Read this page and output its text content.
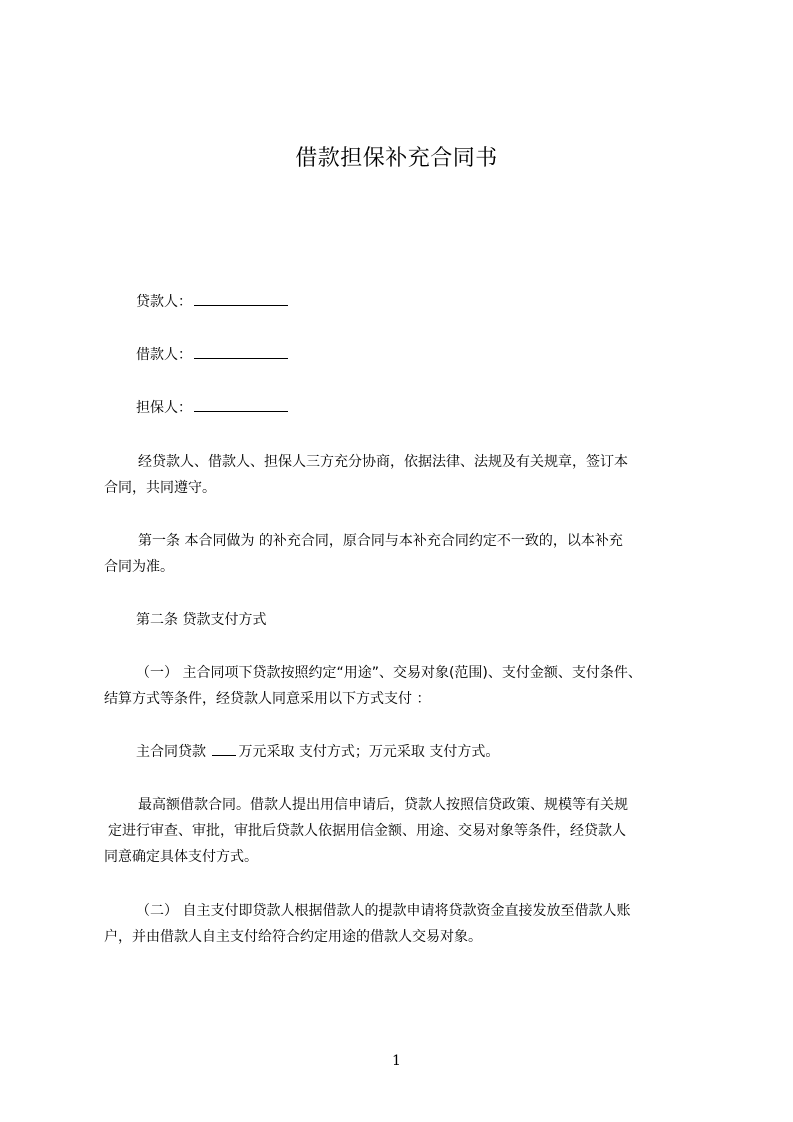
借款担保补充合同书
贷款人：
借款人：
担保人：
经贷款人、借款人、担保人三方充分协商，依据法律、法规及有关规章，签订本
合同，共同遵守。
第一条 本合同做为 的补充合同，原合同与本补充合同约定不一致的，以本补充
合同为准。
第二条 贷款支付方式
（一） 主合同项下贷款按照约定“用途”、交易对象(范围)、支付金额、支付条件、
结算方式等条件，经贷款人同意采用以下方式支付 ：
主合同贷款 万元采取 支付方式；万元采取 支付方式。
最高额借款合同。借款人提出用信申请后，贷款人按照信贷政策、规模等有关规
定进行审查、审批，审批后贷款人依据用信金额、用途、交易对象等条件，经贷款人
同意确定具体支付方式。
（二） 自主支付即贷款人根据借款人的提款申请将贷款资金直接发放至借款人账
户，并由借款人自主支付给符合约定用途的借款人交易对象。
1
